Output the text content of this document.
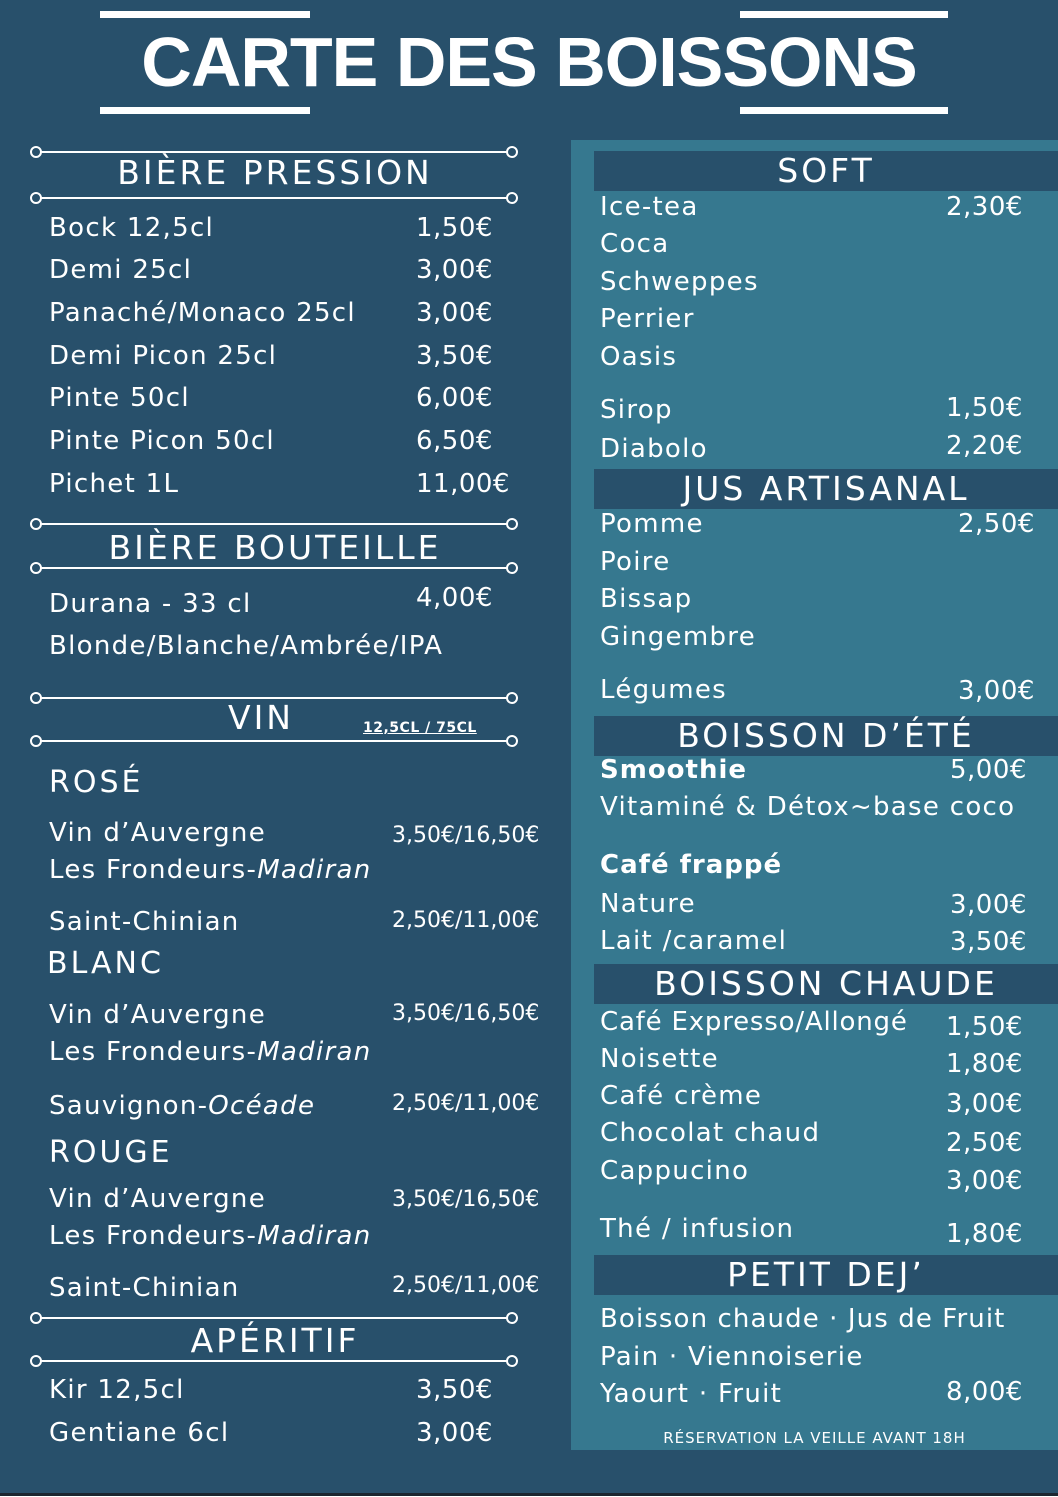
CARTE DES BOISSONS
BIÈRE PRESSION
Bock 12,5cl	1,50€
Demi 25cl	3,00€
Panaché/Monaco 25cl 3,00€
Demi Picon 25cl	3,50€
Pinte 50cl	6,00€
Pinte Picon 50cl	6,50€
Pichet 1L	11,00€
BIÈRE BOUTEILLE
Durana - 33 cl	4,00€
Blonde/Blanche/Ambrée/IPA
VIN	12,5CL / 75CL
ROSÉ
Vin d’Auvergne	3,50€/16,50€
Les Frondeurs-Madiran
Saint-Chinian	2,50€/11,00€
BLANC
Vin d’Auvergne	3,50€/16,50€
Les Frondeurs-Madiran
Sauvignon-Océade	2,50€/11,00€
ROUGE
Vin d’Auvergne	3,50€/16,50€
Les Frondeurs-Madiran
Saint-Chinian	2,50€/11,00€
APÉRITIF
Kir 12,5cl	3,50€
Gentiane 6cl	3,00€
SOFT
Ice-tea	2,30€
Coca
Schweppes
Perrier
Oasis
Sirop	1,50€
Diabolo	2,20€
JUS ARTISANAL
Pomme	2,50€
Poire
Bissap
Gingembre
Légumes	3,00€
BOISSON D’ÉTÉ
Smoothie	5,00€
Vitaminé & Détox~base coco
Café frappé
Nature	3,00€
Lait /caramel	3,50€
BOISSON CHAUDE
Café Expresso/Allongé 1,50€
Noisette	1,80€
Café crème	3,00€
Chocolat chaud	2,50€
Cappucino	3,00€
Thé / infusion	1,80€
PETIT DEJ’
Boisson chaude · Jus de Fruit
Pain · Viennoiserie
Yaourt · Fruit	8,00€
RÉSERVATION LA VEILLE AVANT 18H
